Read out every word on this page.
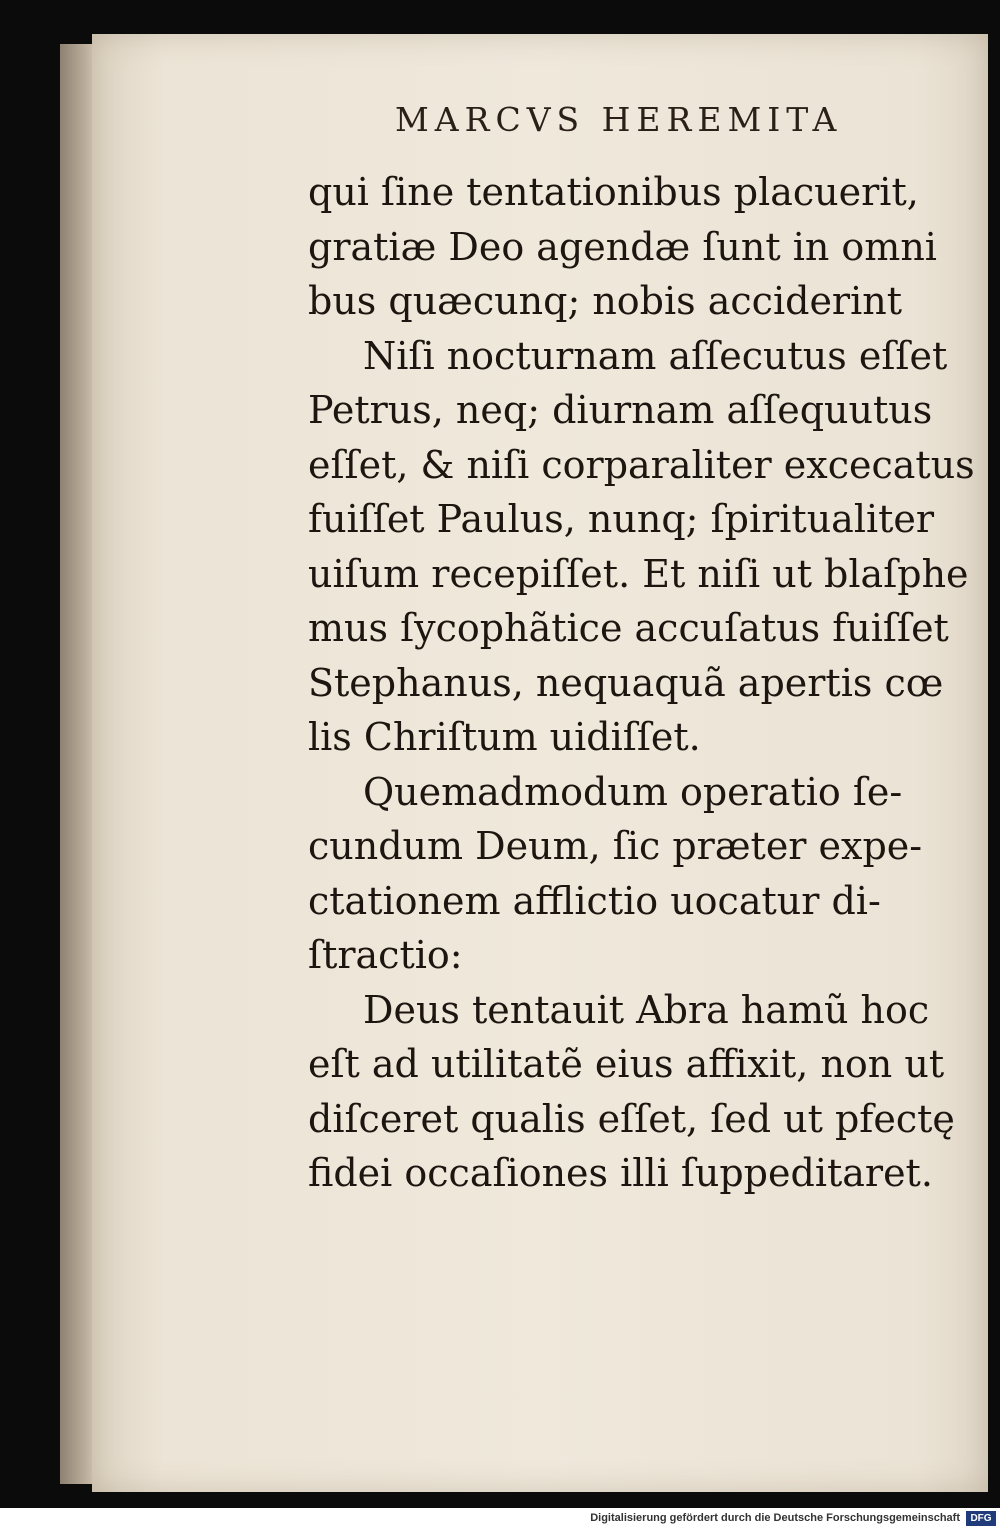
MARCVS HEREMITA
qui ſine tentationibus placuerit,
gratiæ Deo agendæ ſunt in omni
bus quæcunq; nobis acciderint
Niſi nocturnam aſſecutus eſſet
Petrus, neq; diurnam aſſequutus
eſſet, & niſi corparaliter excecatus
fuiſſet Paulus, nunq; ſpiritualiter
uiſum recepiſſet. Et niſi ut blaſphe
mus ſycophãtice accuſatus fuiſſet
Stephanus, nequaquã apertis cœ
lis Chriſtum uidiſſet.
Quemadmodum operatio ſe-
cundum Deum, ſic præter expe-
ctationem afflictio uocatur di-
ſtractio:
Deus tentauit Abra hamũ hoc
eſt ad utilitatẽ eius affixit, non ut
diſceret qualis eſſet, ſed ut pfectę
fidei occaſiones illi ſuppeditaret.
Digitalisierung gefördert durch die Deutsche Forschungsgemeinschaft	DFG
